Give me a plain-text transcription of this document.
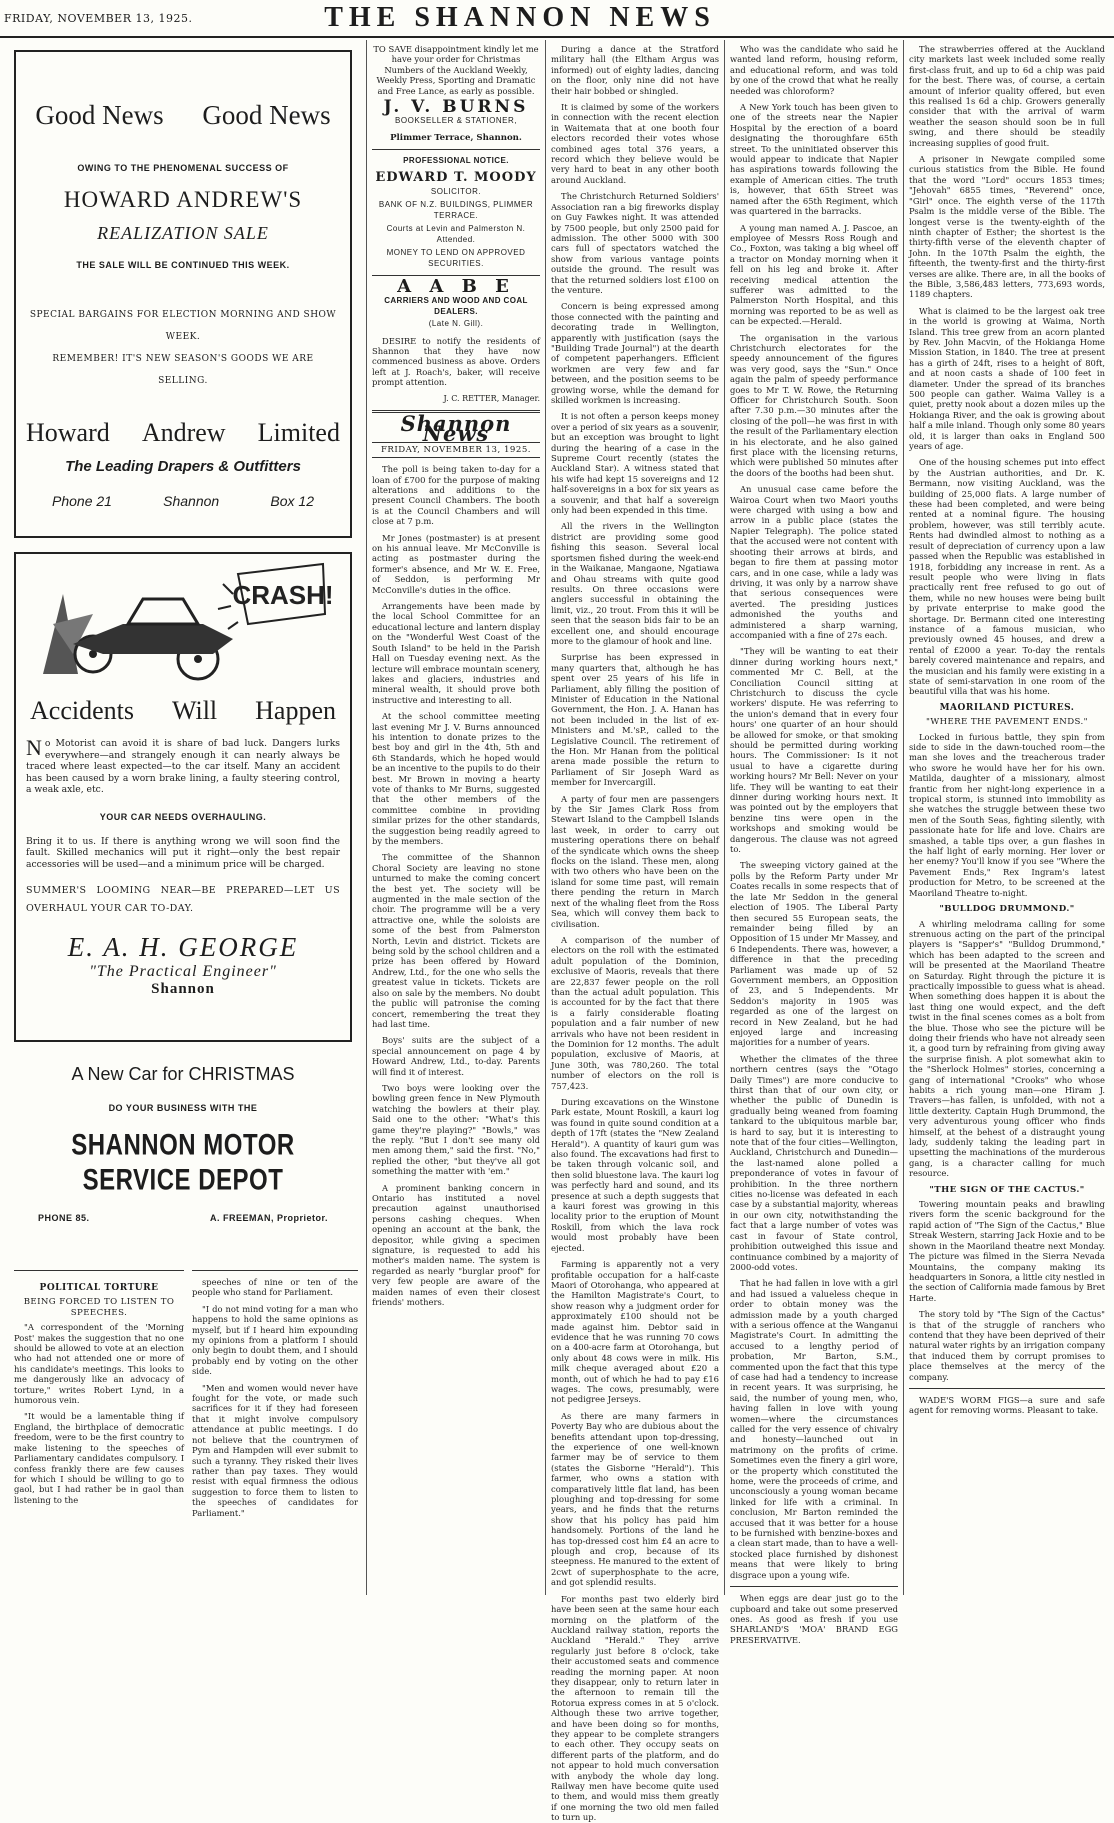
FRIDAY, NOVEMBER 13, 1925.	THE SHANNON NEWS
Good News Good News
OWING TO THE PHENOMENAL SUCCESS OF
HOWARD ANDREW'S
REALIZATION SALE
THE SALE WILL BE CONTINUED THIS WEEK.
SPECIAL BARGAINS FOR ELECTION MORNING AND SHOW
WEEK.
REMEMBER! IT'S NEW SEASON'S GOODS WE ARE
SELLING.
Howard Andrew Limited
The Leading Drapers & Outfitters
Phone 21	Shannon	Box 12
CRASH!
Accidents Will Happen
No Motorist can avoid it is share of bad luck. Dangers lurks everywhere—and strangely enough it can nearly always be traced where least expected—to the car itself. Many an accident has been caused by a worn brake lining, a faulty steering control, a weak axle, etc.
YOUR CAR NEEDS OVERHAULING.
Bring it to us. If there is anything wrong we will soon find the fault. Skilled mechanics will put it right—only the best repair accessories will be used—and a minimum price will be charged.
SUMMER'S LOOMING NEAR—BE PREPARED—LET US OVERHAUL YOUR CAR TO-DAY.
E. A. H. GEORGE
"The Practical Engineer"
Shannon
A New Car for CHRISTMAS
DO YOUR BUSINESS WITH THE
SHANNON MOTOR SERVICE DEPOT
PHONE 85.	A. FREEMAN, Proprietor.

POLITICAL TORTURE

BEING FORCED TO LISTEN TO SPEECHES.

"A correspondent of the 'Morning Post' makes the suggestion that no one should be allowed to vote at an election who had not attended one or more of his candidate's meetings. This looks to me dangerously like an advocacy of torture," writes Robert Lynd, in a humorous vein.

"It would be a lamentable thing if England, the birthplace of democratic freedom, were to be the first country to make listening to the speeches of Parliamentary candidates compulsory. I confess frankly there are few causes for which I should be willing to go to gaol, but I had rather be in gaol than listening to the

speeches of nine or ten of the people who stand for Parliament.

"I do not mind voting for a man who happens to hold the same opinions as myself, but if I heard him expounding my opinions from a platform I should only begin to doubt them, and I should probably end by voting on the other side.

"Men and women would never have fought for the vote, or made such sacrifices for it if they had foreseen that it might involve compulsory attendance at public meetings. I do not believe that the countrymen of Pym and Hampden will ever submit to such a tyranny. They risked their lives rather than pay taxes. They would resist with equal firmness the odious suggestion to force them to listen to the speeches of candidates for Parliament."

TO SAVE disappointment kindly let me have your order for Christmas Numbers of the Auckland Weekly, Weekly Press, Sporting and Dramatic and Free Lance, as early as possible.

J. V. BURNS
BOOKSELLER & STATIONER,
Plimmer Terrace, Shannon.
PROFESSIONAL NOTICE.
EDWARD T. MOODY
SOLICITOR.
BANK OF N.Z. BUILDINGS, PLIMMER TERRACE.
Courts at Levin and Palmerston N. Attended.
MONEY TO LEND ON APPROVED SECURITIES.
A A B E
CARRIERS AND WOOD AND COAL DEALERS.
(Late N. Gill).

DESIRE to notify the residents of Shannon that they have now commenced business as above. Orders left at J. Roach's, baker, will receive prompt attention.

J. C. RETTER, Manager.
Shannon News
FRIDAY, NOVEMBER 13, 1925.

The poll is being taken to-day for a loan of £700 for the purpose of making alterations and additions to the present Council Chambers. The booth is at the Council Chambers and will close at 7 p.m.

Mr Jones (postmaster) is at present on his annual leave. Mr McConville is acting as postmaster during the former's absence, and Mr W. E. Free, of Seddon, is performing Mr McConville's duties in the office.

Arrangements have been made by the local School Committee for an educational lecture and lantern display on the "Wonderful West Coast of the South Island" to be held in the Parish Hall on Tuesday evening next. As the lecture will embrace mountain scenery, lakes and glaciers, industries and mineral wealth, it should prove both instructive and interesting to all.

At the school committee meeting last evening Mr J. V. Burns announced his intention to donate prizes to the best boy and girl in the 4th, 5th and 6th Standards, which he hoped would be an incentive to the pupils to do their best. Mr Brown in moving a hearty vote of thanks to Mr Burns, suggested that the other members of the committee combine in providing similar prizes for the other standards, the suggestion being readily agreed to by the members.

The committee of the Shannon Choral Society are leaving no stone unturned to make the coming concert the best yet. The society will be augmented in the male section of the choir. The programme will be a very attractive one, while the soloists are some of the best from Palmerston North, Levin and district. Tickets are being sold by the school children and a prize has been offered by Howard Andrew, Ltd., for the one who sells the greatest value in tickets. Tickets are also on sale by the members. No doubt the public will patronise the coming concert, remembering the treat they had last time.

Boys' suits are the subject of a special announcement on page 4 by Howard Andrew, Ltd., to-day. Parents will find it of interest.

Two boys were looking over the bowling green fence in New Plymouth watching the bowlers at their play. Said one to the other: "What's this game they're playing?" "Bowls," was the reply. "But I don't see many old men among them," said the first. "No," replied the other, "but they've all got something the matter with 'em."

A prominent banking concern in Ontario has instituted a novel precaution against unauthorised persons cashing cheques. When opening an account at the bank, the depositor, while giving a specimen signature, is requested to add his mother's maiden name. The system is regarded as nearly "burglar proof" for very few people are aware of the maiden names of even their closest friends' mothers.

During a dance at the Stratford military hall (the Eltham Argus was informed) out of eighty ladies, dancing on the floor, only nine did not have their hair bobbed or shingled.

It is claimed by some of the workers in connection with the recent election in Waitemata that at one booth four electors recorded their votes whose combined ages total 376 years, a record which they believe would be very hard to beat in any other booth around Auckland.

The Christchurch Returned Soldiers' Association ran a big fireworks display on Guy Fawkes night. It was attended by 7500 people, but only 2500 paid for admission. The other 5000 with 300 cars full of spectators watched the show from various vantage points outside the ground. The result was that the returned soldiers lost £100 on the venture.

Concern is being expressed among those connected with the painting and decorating trade in Wellington, apparently with justification (says the "Building Trade Journal") at the dearth of competent paperhangers. Efficient workmen are very few and far between, and the position seems to be growing worse, while the demand for skilled workmen is increasing.

It is not often a person keeps money over a period of six years as a souvenir, but an exception was brought to light during the hearing of a case in the Supreme Court recently (states the Auckland Star). A witness stated that his wife had kept 15 sovereigns and 12 half-sovereigns in a box for six years as a souvenir, and that half a sovereign only had been expended in this time.

All the rivers in the Wellington district are providing some good fishing this season. Several local sportsmen fished during the week-end in the Waikanae, Mangaone, Ngatiawa and Ohau streams with quite good results. On three occasions were anglers successful in obtaining the limit, viz., 20 trout. From this it will be seen that the season bids fair to be an excellent one, and should encourage more to the glamour of hook and line.

Surprise has been expressed in many quarters that, although he has spent over 25 years of his life in Parliament, ably filling the position of Minister of Education in the National Government, the Hon. J. A. Hanan has not been included in the list of ex-Ministers and M.'sP., called to the Legislative Council. The retirement of the Hon. Mr Hanan from the political arena made possible the return to Parliament of Sir Joseph Ward as member for Invercargill.

A party of four men are passengers by the Sir James Clark Ross from Stewart Island to the Campbell Islands last week, in order to carry out mustering operations there on behalf of the syndicate which owns the sheep flocks on the island. These men, along with two others who have been on the island for some time past, will remain there pending the return in March next of the whaling fleet from the Ross Sea, which will convey them back to civilisation.

A comparison of the number of electors on the roll with the estimated adult population of the Dominion, exclusive of Maoris, reveals that there are 22,837 fewer people on the roll than the actual adult population. This is accounted for by the fact that there is a fairly considerable floating population and a fair number of new arrivals who have not been resident in the Dominion for 12 months. The adult population, exclusive of Maoris, at June 30th, was 780,260. The total number of electors on the roll is 757,423.

During excavations on the Winstone Park estate, Mount Roskill, a kauri log was found in quite sound condition at a depth of 17ft (states the "New Zealand Herald"). A quantity of kauri gum was also found. The excavations had first to be taken through volcanic soil, and then solid bluestone lava. The kauri log was perfectly hard and sound, and its presence at such a depth suggests that a kauri forest was growing in this locality prior to the eruption of Mount Roskill, from which the lava rock would most probably have been ejected.

Farming is apparently not a very profitable occupation for a half-caste Maori of Otorohanga, who appeared at the Hamilton Magistrate's Court, to show reason why a judgment order for approximately £100 should not be made against him. Debtor said in evidence that he was running 70 cows on a 400-acre farm at Otorohanga, but only about 48 cows were in milk. His milk cheque averaged about £20 a month, out of which he had to pay £16 wages. The cows, presumably, were not pedigree Jerseys.

As there are many farmers in Poverty Bay who are dubious about the benefits attendant upon top-dressing, the experience of one well-known farmer may be of service to them (states the Gisborne "Herald"). This farmer, who owns a station with comparatively little flat land, has been ploughing and top-dressing for some years, and he finds that the returns show that his policy has paid him handsomely. Portions of the land he has top-dressed cost him £4 an acre to plough and crop, because of its steepness. He manured to the extent of 2cwt of superphosphate to the acre, and got splendid results.

For months past two elderly bird have been seen at the same hour each morning on the platform of the Auckland railway station, reports the Auckland "Herald." They arrive regularly just before 8 o'clock, take their accustomed seats and commence reading the morning paper. At noon they disappear, only to return later in the afternoon to remain till the Rotorua express comes in at 5 o'clock. Although these two arrive together, and have been doing so for months, they appear to be complete strangers to each other. They occupy seats on different parts of the platform, and do not appear to hold much conversation with anybody the whole day long. Railway men have become quite used to them, and would miss them greatly if one morning the two old men failed to turn up.

Who was the candidate who said he wanted land reform, housing reform, and educational reform, and was told by one of the crowd that what he really needed was chloroform?

A New York touch has been given to one of the streets near the Napier Hospital by the erection of a board designating the thoroughfare 65th street. To the uninitiated observer this would appear to indicate that Napier has aspirations towards following the example of American cities. The truth is, however, that 65th Street was named after the 65th Regiment, which was quartered in the barracks.

A young man named A. J. Pascoe, an employee of Messrs Ross Rough and Co., Foxton, was taking a big wheel off a tractor on Monday morning when it fell on his leg and broke it. After receiving medical attention the sufferer was admitted to the Palmerston North Hospital, and this morning was reported to be as well as can be expected.—Herald.

The organisation in the various Christchurch electorates for the speedy announcement of the figures was very good, says the "Sun." Once again the palm of speedy performance goes to Mr T. W. Rowe, the Returning Officer for Christchurch South. Soon after 7.30 p.m.—30 minutes after the closing of the poll—he was first in with the result of the Parliamentary election in his electorate, and he also gained first place with the licensing returns, which were published 50 minutes after the doors of the booths had been shut.

An unusual case came before the Wairoa Court when two Maori youths were charged with using a bow and arrow in a public place (states the Napier Telegraph). The police stated that the accused were not content with shooting their arrows at birds, and began to fire them at passing motor cars, and in one case, while a lady was driving, it was only by a narrow shave that serious consequences were averted. The presiding justices admonished the youths and administered a sharp warning, accompanied with a fine of 27s each.

"They will be wanting to eat their dinner during working hours next," commented Mr C. Bell, at the Conciliation Council sitting at Christchurch to discuss the cycle workers' dispute. He was referring to the union's demand that in every four hours' one quarter of an hour should be allowed for smoke, or that smoking should be permitted during working hours. The Commissioner: Is it not usual to have a cigarette during working hours? Mr Bell: Never on your life. They will be wanting to eat their dinner during working hours next. It was pointed out by the employers that benzine tins were open in the workshops and smoking would be dangerous. The clause was not agreed to.

The sweeping victory gained at the polls by the Reform Party under Mr Coates recalls in some respects that of the late Mr Seddon in the general election of 1905. The Liberal Party then secured 55 European seats, the remainder being filled by an Opposition of 15 under Mr Massey, and 6 Independents. There was, however, a difference in that the preceding Parliament was made up of 52 Government members, an Opposition of 23, and 5 Independents. Mr Seddon's majority in 1905 was regarded as one of the largest on record in New Zealand, but he had enjoyed large and increasing majorities for a number of years.

Whether the climates of the three northern centres (says the "Otago Daily Times") are more conducive to thirst than that of our own city, or whether the public of Dunedin is gradually being weaned from foaming tankard to the ubiquitous marble bar, is hard to say, but it is interesting to note that of the four cities—Wellington, Auckland, Christchurch and Dunedin—the last-named alone polled a preponderance of votes in favour of prohibition. In the three northern cities no-license was defeated in each case by a substantial majority, whereas in our own city, notwithstanding the fact that a large number of votes was cast in favour of State control, prohibition outweighed this issue and continuance combined by a majority of 2000-odd votes.

That he had fallen in love with a girl and had issued a valueless cheque in order to obtain money was the admission made by a youth charged with a serious offence at the Wanganui Magistrate's Court. In admitting the accused to a lengthy period of probation, Mr Barton, S.M., commented upon the fact that this type of case had had a tendency to increase in recent years. It was surprising, he said, the number of young men, who, having fallen in love with young women—where the circumstances called for the very essence of chivalry and honesty—launched out in matrimony on the profits of crime. Sometimes even the finery a girl wore, or the property which constituted the home, were the proceeds of crime, and unconsciously a young woman became linked for life with a criminal. In conclusion, Mr Barton reminded the accused that it was better for a house to be furnished with benzine-boxes and a clean start made, than to have a well-stocked place furnished by dishonest means that were likely to bring disgrace upon a young wife.

When eggs are dear just go to the cupboard and take out some preserved ones. As good as fresh if you use SHARLAND'S 'MOA' BRAND EGG PRESERVATIVE.

The strawberries offered at the Auckland city markets last week included some really first-class fruit, and up to 6d a chip was paid for the best. There was, of course, a certain amount of inferior quality offered, but even this realised 1s 6d a chip. Growers generally consider that with the arrival of warm weather the season should soon be in full swing, and there should be steadily increasing supplies of good fruit.

A prisoner in Newgate compiled some curious statistics from the Bible. He found that the word "Lord" occurs 1853 times; "Jehovah" 6855 times, "Reverend" once, "Girl" once. The eighth verse of the 117th Psalm is the middle verse of the Bible. The longest verse is the twenty-eighth of the ninth chapter of Esther; the shortest is the thirty-fifth verse of the eleventh chapter of John. In the 107th Psalm the eighth, the fifteenth, the twenty-first and the thirty-first verses are alike. There are, in all the books of the Bible, 3,586,483 letters, 773,693 words, 1189 chapters.

What is claimed to be the largest oak tree in the world is growing at Waima, North Island. This tree grew from an acorn planted by Rev. John Macvin, of the Hokianga Home Mission Station, in 1840. The tree at present has a girth of 24ft, rises to a height of 80ft, and at noon casts a shade of 100 feet in diameter. Under the spread of its branches 500 people can gather. Waima Valley is a quiet, pretty nook about a dozen miles up the Hokianga River, and the oak is growing about half a mile inland. Though only some 80 years old, it is larger than oaks in England 500 years of age.

One of the housing schemes put into effect by the Austrian authorities, and Dr. K. Bermann, now visiting Auckland, was the building of 25,000 flats. A large number of these had been completed, and were being rented at a nominal figure. The housing problem, however, was still terribly acute. Rents had dwindled almost to nothing as a result of depreciation of currency upon a law passed when the Republic was established in 1918, forbidding any increase in rent. As a result people who were living in flats practically rent free refused to go out of them, while no new houses were being built by private enterprise to make good the shortage. Dr. Bermann cited one interesting instance of a famous musician, who previously owned 45 houses, and drew a rental of £2000 a year. To-day the rentals barely covered maintenance and repairs, and the musician and his family were existing in a state of semi-starvation in one room of the beautiful villa that was his home.

MAORILAND PICTURES.

"WHERE THE PAVEMENT ENDS."

Locked in furious battle, they spin from side to side in the dawn-touched room—the man she loves and the treacherous trader who swore he would have her for his own. Matilda, daughter of a missionary, almost frantic from her night-long experience in a tropical storm, is stunned into immobility as she watches the struggle between these two men of the South Seas, fighting silently, with passionate hate for life and love. Chairs are smashed, a table tips over, a gun flashes in the half light of early morning. Her lover or her enemy? You'll know if you see "Where the Pavement Ends," Rex Ingram's latest production for Metro, to be screened at the Maoriland Theatre to-night.

"BULLDOG DRUMMOND."

A whirling melodrama calling for some strenuous acting on the part of the principal players is "Sapper's" "Bulldog Drummond," which has been adapted to the screen and will be presented at the Maoriland Theatre on Saturday. Right through the picture it is practically impossible to guess what is ahead. When something does happen it is about the last thing one would expect, and the deft twist in the final scenes comes as a bolt from the blue. Those who see the picture will be doing their friends who have not already seen it, a good turn by refraining from giving away the surprise finish. A plot somewhat akin to the "Sherlock Holmes" stories, concerning a gang of international "Crooks" who whose habits a rich young man—one Hiram J. Travers—has fallen, is unfolded, with not a little dexterity. Captain Hugh Drummond, the very adventurous young officer who finds himself, at the behest of a distraught young lady, suddenly taking the leading part in upsetting the machinations of the murderous gang, is a character calling for much resource.

"THE SIGN OF THE CACTUS."

Towering mountain peaks and brawling rivers form the scenic background for the rapid action of "The Sign of the Cactus," Blue Streak Western, starring Jack Hoxie and to be shown in the Maoriland theatre next Monday. The picture was filmed in the Sierra Nevada Mountains, the company making its headquarters in Sonora, a little city nestled in the section of California made famous by Bret Harte.

The story told by "The Sign of the Cactus" is that of the struggle of ranchers who contend that they have been deprived of their natural water rights by an irrigation company that induced them by corrupt promises to place themselves at the mercy of the company.

WADE'S WORM FIGS—a sure and safe agent for removing worms. Pleasant to take.
